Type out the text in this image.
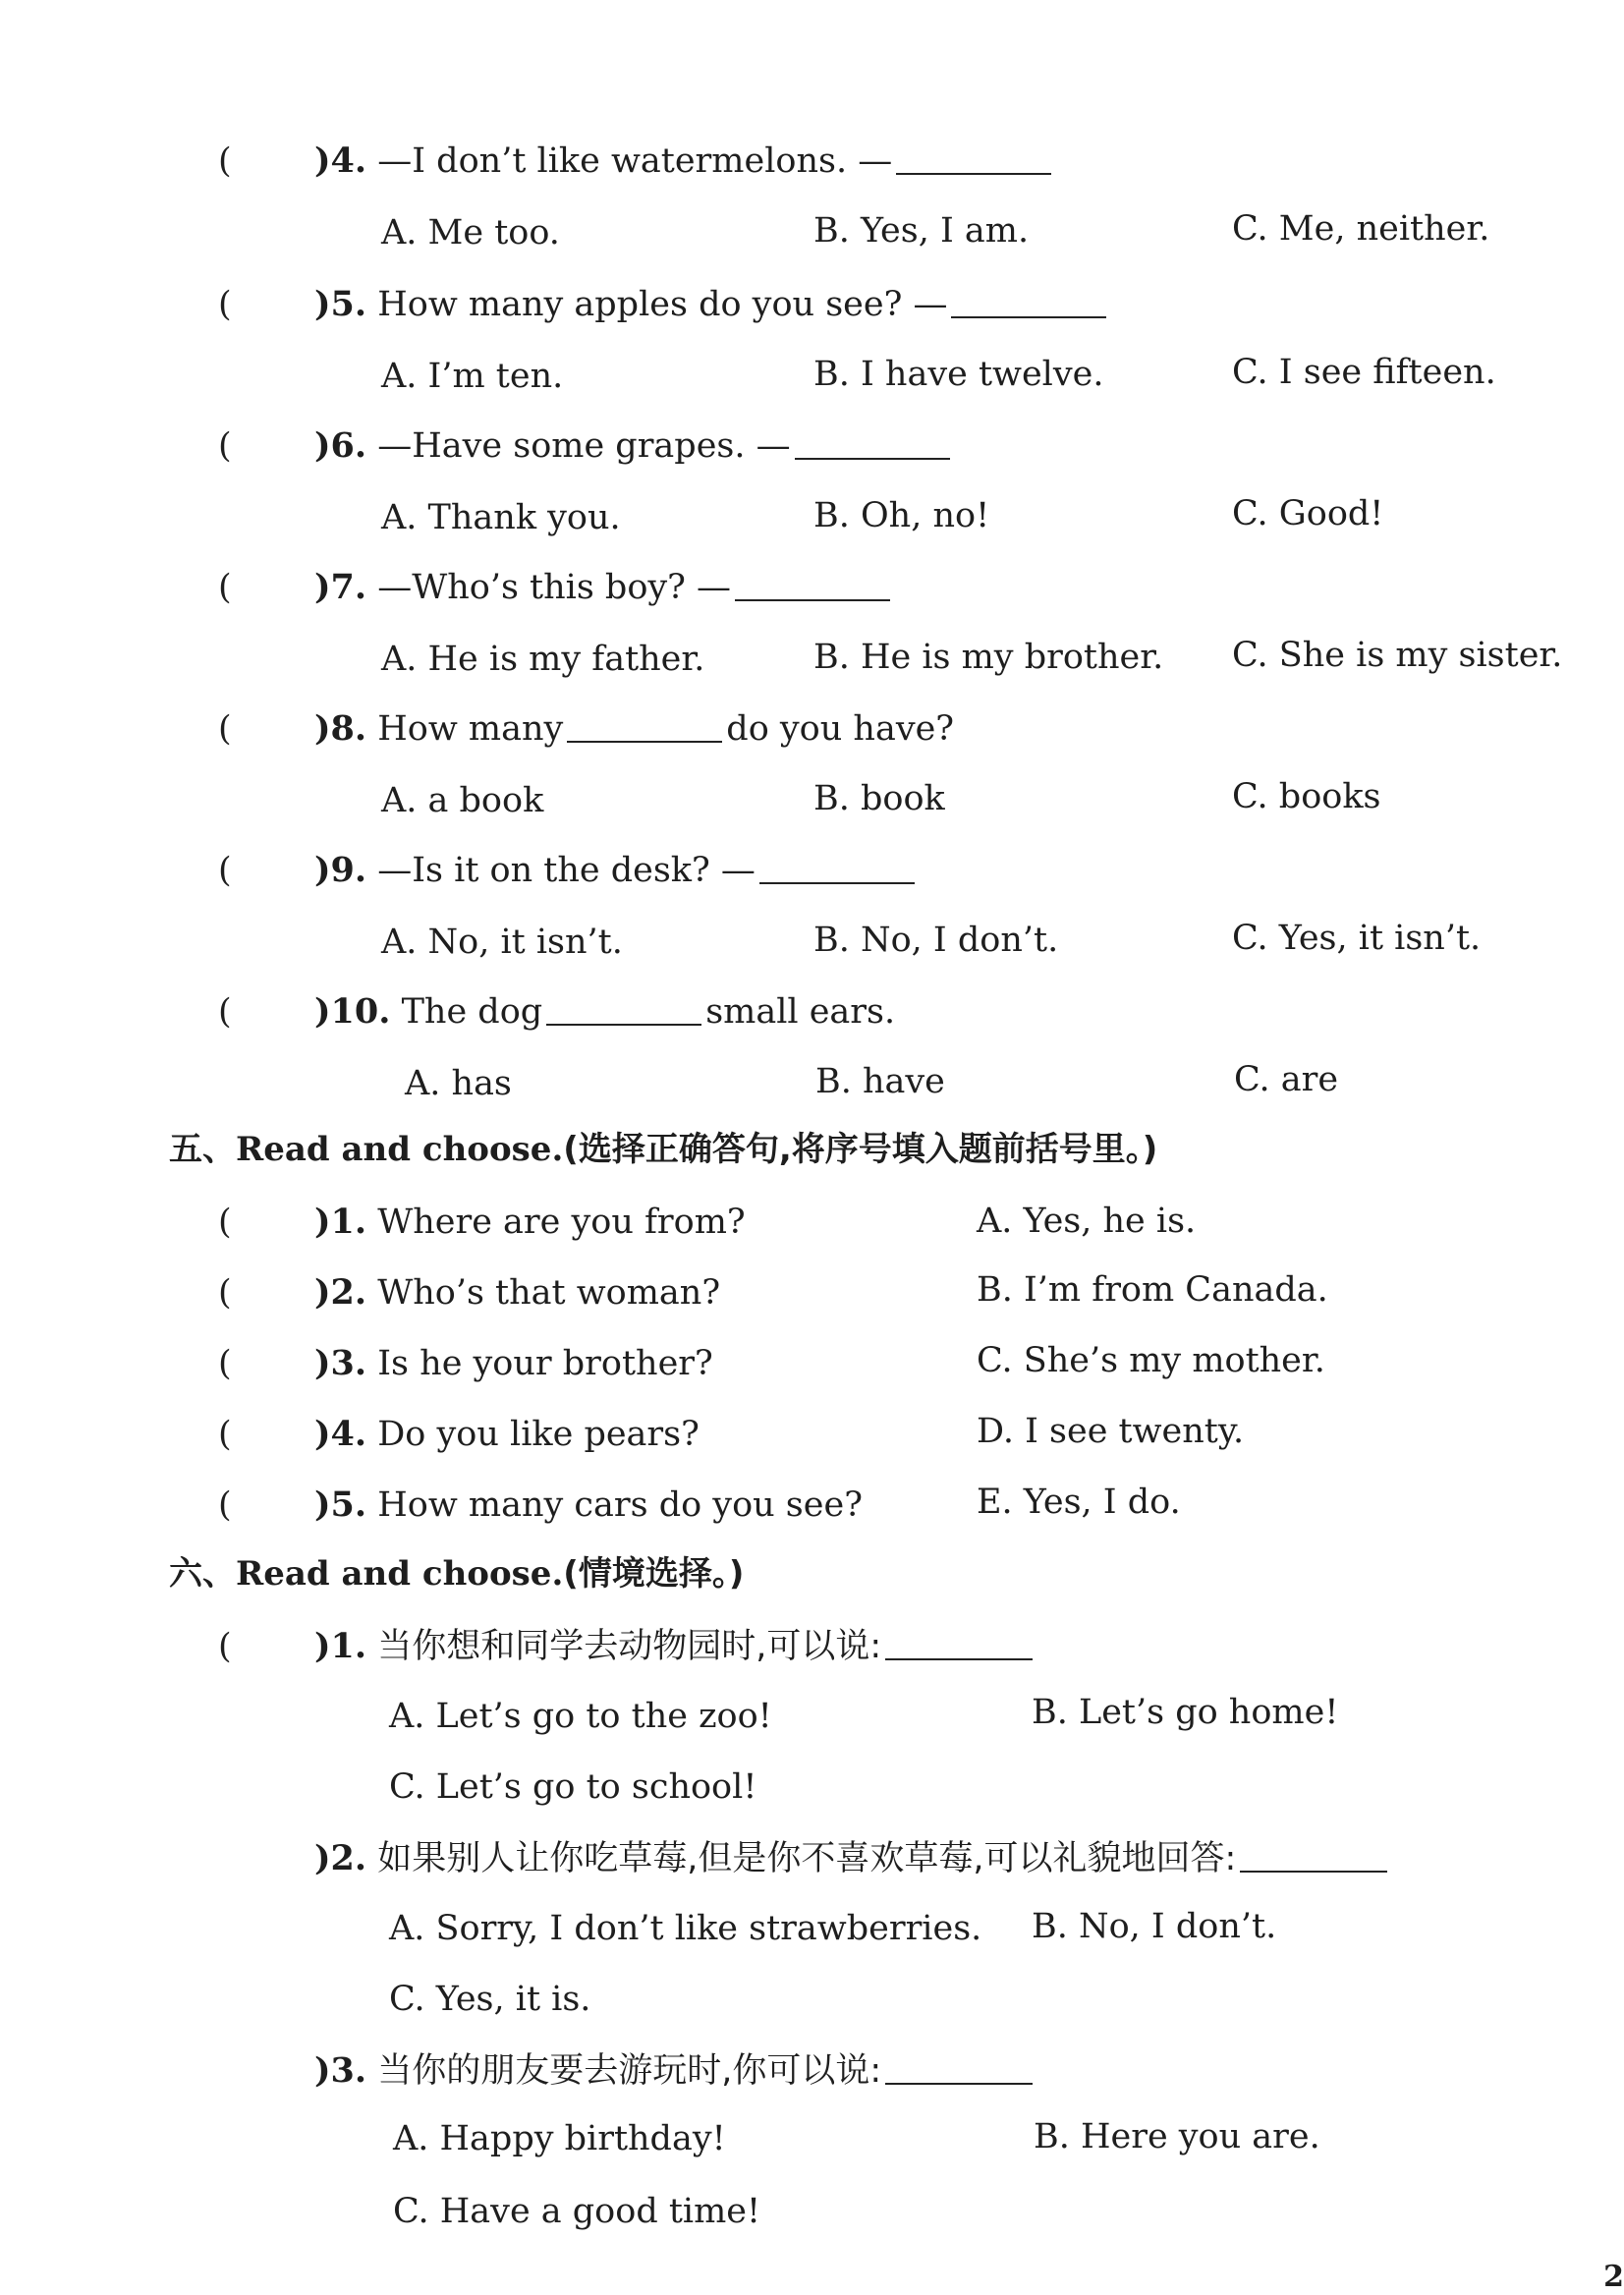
( )4. —I don’t like watermelons. —
A. Me too.	B. Yes, I am.	C. Me, neither.
( )5. How many apples do you see? —
A. I’m ten.	B. I have twelve.	C. I see fifteen.
( )6. —Have some grapes. —
A. Thank you.	B. Oh, no!	C. Good!
( )7. —Who’s this boy? —
A. He is my father.	B. He is my brother. C. She is my sister.
( )8. How many	do you have?
A. a book	B. book	C. books
( )9. —Is it on the desk? —
A. No, it isn’t.	B. No, I don’t.	C. Yes, it isn’t.
( )10. The dog	small ears.
A. has	B. have	C. are
五、Read and choose.(选择正确答句,将序号填入题前括号里。)
( )1. Where are you from?	A. Yes, he is.
( )2. Who’s that woman?	B. I’m from Canada.
( )3. Is he your brother?	C. She’s my mother.
( )4. Do you like pears?	D. I see twenty.
( )5. How many cars do you see?	E. Yes, I do.
六、Read and choose.(情境选择。)
( )1. 当你想和同学去动物园时,可以说:
A. Let’s go to the zoo!	B. Let’s go home!
C. Let’s go to school!
)2. 如果别人让你吃草莓,但是你不喜欢草莓,可以礼貌地回答:
A. Sorry, I don’t like strawberries. B. No, I don’t.
C. Yes, it is.
)3. 当你的朋友要去游玩时,你可以说:
A. Happy birthday!	B. Here you are.
C. Have a good time!
2
